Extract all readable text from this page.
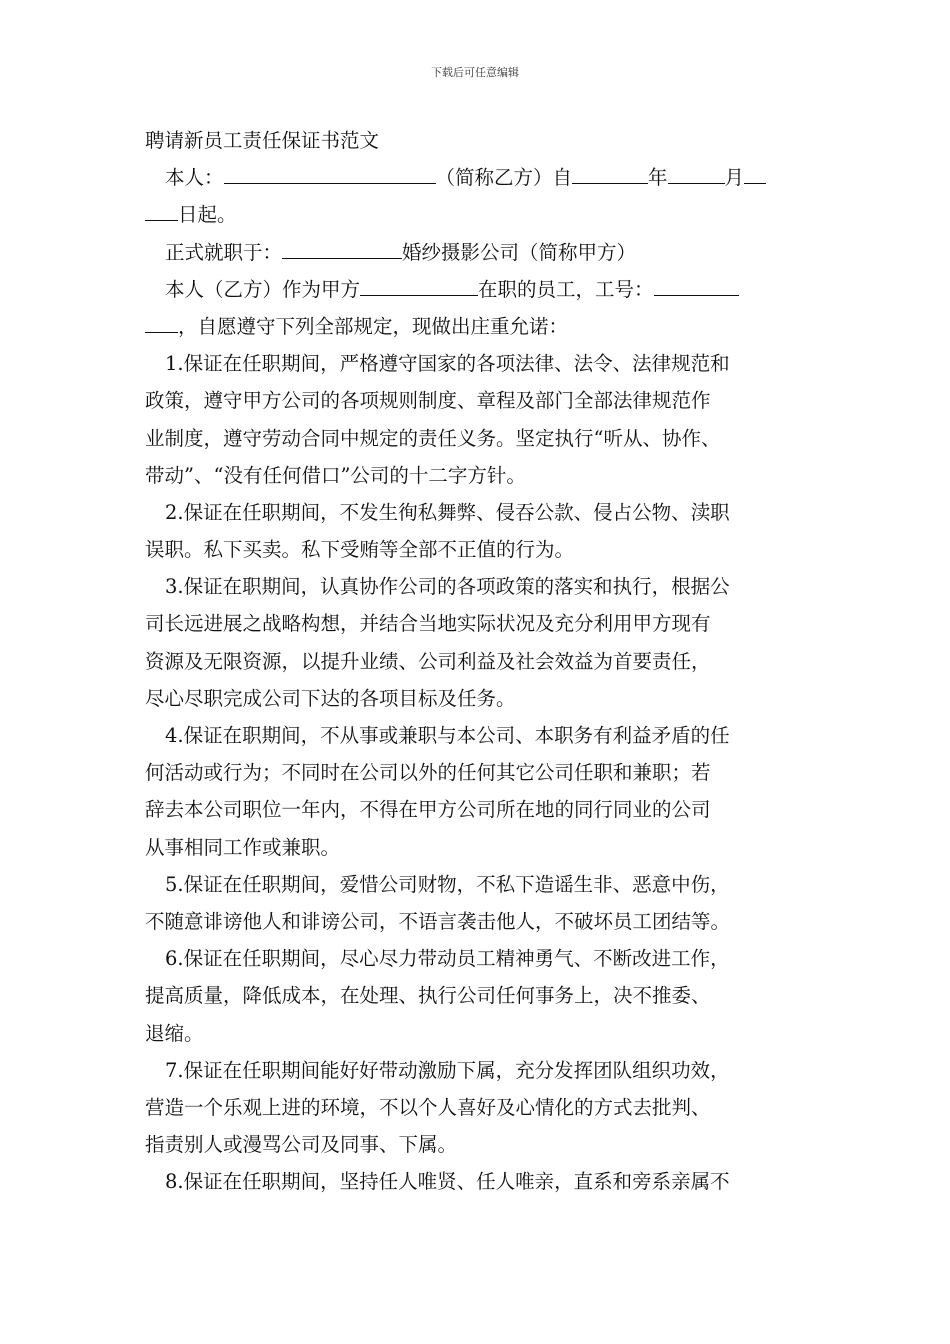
下载后可任意编辑
聘请新员工责任保证书范文
本人：	（简称乙方）自	年	月
日起。
正式就职于：	婚纱摄影公司（简称甲方）
本人（乙方）作为甲方	在职的员工，工号：
，自愿遵守下列全部规定，现做出庄重允诺：
1.保证在任职期间，严格遵守国家的各项法律、法令、法律规范和
政策，遵守甲方公司的各项规则制度、章程及部门全部法律规范作
业制度，遵守劳动合同中规定的责任义务。坚定执行“听从、协作、
带动”、“没有任何借口”公司的十二字方针。
2.保证在任职期间，不发生徇私舞弊、侵吞公款、侵占公物、渎职
误职。私下买卖。私下受贿等全部不正值的行为。
3.保证在职期间，认真协作公司的各项政策的落实和执行，根据公
司长远进展之战略构想，并结合当地实际状况及充分利用甲方现有
资源及无限资源，以提升业绩、公司利益及社会效益为首要责任，
尽心尽职完成公司下达的各项目标及任务。
4.保证在职期间，不从事或兼职与本公司、本职务有利益矛盾的任
何活动或行为；不同时在公司以外的任何其它公司任职和兼职；若
辞去本公司职位一年内，不得在甲方公司所在地的同行同业的公司
从事相同工作或兼职。
5.保证在任职期间，爱惜公司财物，不私下造谣生非、恶意中伤，
不随意诽谤他人和诽谤公司，不语言袭击他人，不破坏员工团结等。
6.保证在任职期间，尽心尽力带动员工精神勇气、不断改进工作，
提高质量，降低成本，在处理、执行公司任何事务上，决不推委、
退缩。
7.保证在任职期间能好好带动激励下属，充分发挥团队组织功效，
营造一个乐观上进的环境，不以个人喜好及心情化的方式去批判、
指责别人或漫骂公司及同事、下属。
8.保证在任职期间，坚持任人唯贤、任人唯亲，直系和旁系亲属不
